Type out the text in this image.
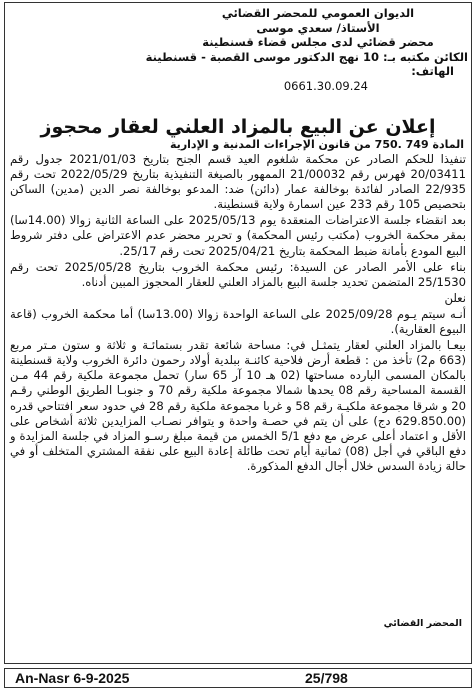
الديوان العمومي للمحضر القضائي
الأستاذ/ سعدي موسى
محضر قضائي لدى مجلس قضاء قسنطينة
الكائن مكتبه بـ: 10 نهج الدكتور موسى القصبة - قسنطينة
الهاتف:
0661.30.09.24
إعلان عن البيع بالمزاد العلني لعقار محجوز
المادة 749 .750 من قانون الإجراءات المدنية و الإدارية

تنفيذا للحكم الصادر عن محكمة شلغوم العيد قسم الجنح بتاريخ 2021/01/03 جدول رقم 20/03411 فهرس رقم 21/00032 الممهور بالصيغة التنفيذية بتاريخ 2022/05/29 تحت رقم 22/935 الصادر لفائدة بوخالفة عمار (دائن) ضد: المدعو بوخالفة نصر الدين (مدين) الساكن بتحصيص 105 رقم 233 عين اسمارة ولاية قسنطينة.

بعد انقضاء جلسة الاعتراضات المنعقدة يوم 2025/05/13 على الساعة الثانية زوالا (14.00سا) بمقر محكمة الخروب (مكتب رئيس المحكمة) و تحرير محضر عدم الاعتراض على دفتر شروط البيع المودع بأمانة ضبط المحكمة بتاريخ 2025/04/21 تحت رقم 25/17.

بناء على الأمر الصادر عن السيدة: رئيس محكمة الخروب بتاريخ 2025/05/28 تحت رقم 25/1530 المتضمن تحديد جلسة البيع بالمزاد العلني للعقار المحجوز المبين أدناه.

نعلن

أنـه سيتم يـوم 2025/09/28 على الساعة الواحدة زوالا (13.00سا) أما محكمة الخروب (قاعة البيوع العقارية).

بيعـا بالمزاد العلني لعقار يتمثـل في: مساحة شائعة تقدر بستمائـة و ثلاثة و ستون مـتر مربع (663 م2) تأخذ من : قطعة أرض فلاحية كائنـة ببلدية أولاد رحمون دائرة الخروب ولاية قسنطينة بالمكان المسمى البارده مساحتها (02 هـ 10 آر 65 سار) تحمل مجموعة ملكية رقم 44 مـن القسمة المساحية رقم 08 يحدها شمالا مجموعة ملكية رقم 70 و جنوبـا الطريق الوطني رقـم 20 و شرقا مجموعة ملكيـة رقم 58 و غربا مجموعة ملكية رقم 28 في حدود سعر افتتاحي قدره (629.850.00 دج) على أن يتم في حصـة واحدة و يتوافر نصـاب المزايدين ثلاثة أشخاص على الأقل و اعتماد أعلى عرض مع دفع 5/1 الخمس من قيمة مبلغ رسـو المزاد في جلسة المزايدة و دفع الباقي في أجل (08) ثمانية أيام تحت طائلة إعادة البيع على نفقة المشتري المتخلف أو في حالة زيادة السدس خلال أجال الدفع المذكورة.

المحضر القضائي
An-Nasr 6-9-2025	25/798
